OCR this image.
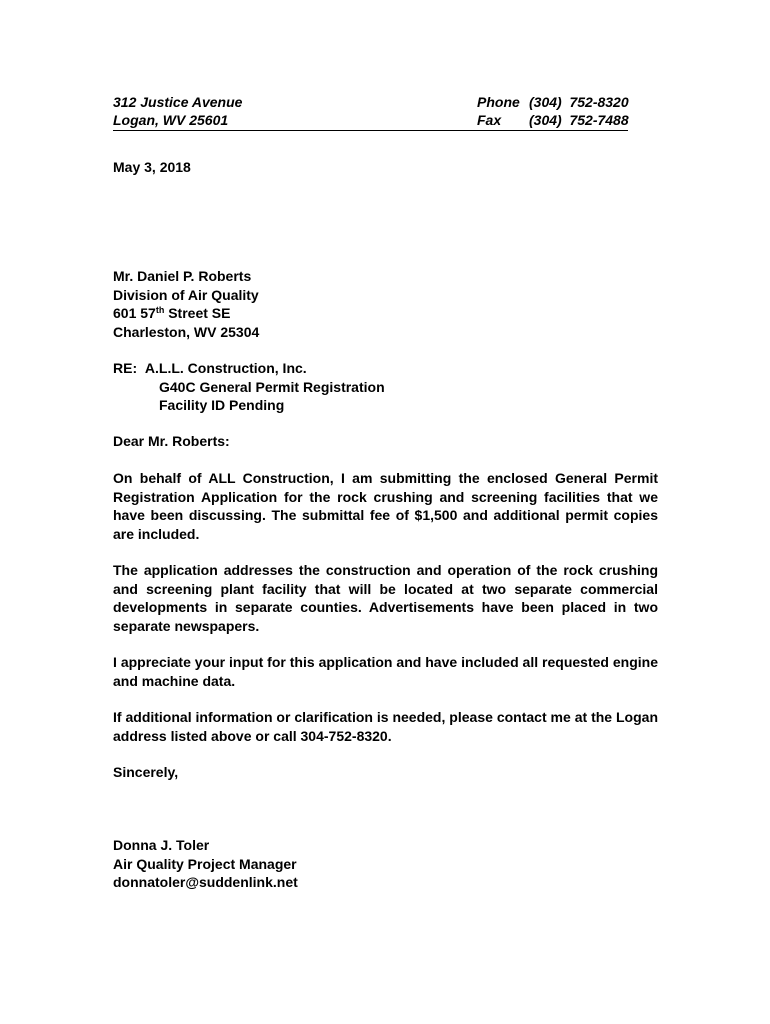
312 Justice Avenue	Phone (304)  752-8320
Logan, WV 25601	Fax (304)  752-7488
May 3, 2018
Mr. Daniel P. Roberts
Division of Air Quality
601 57th Street SE
Charleston, WV 25304
RE: A.L.L. Construction, Inc.
G40C General Permit Registration
Facility ID Pending
Dear Mr. Roberts:
On behalf of ALL Construction, I am submitting the enclosed General Permit Registration Application for the rock crushing and screening facilities that we have been discussing. The submittal fee of $1,500 and additional permit copies are included.
The application addresses the construction and operation of the rock crushing and screening plant facility that will be located at two separate commercial developments in separate counties. Advertisements have been placed in two separate newspapers.
I appreciate your input for this application and have included all requested engine and machine data.
If additional information or clarification is needed, please contact me at the Logan address listed above or call 304-752-8320.
Sincerely,
Donna J. Toler
Air Quality Project Manager
donnatoler@suddenlink.net
